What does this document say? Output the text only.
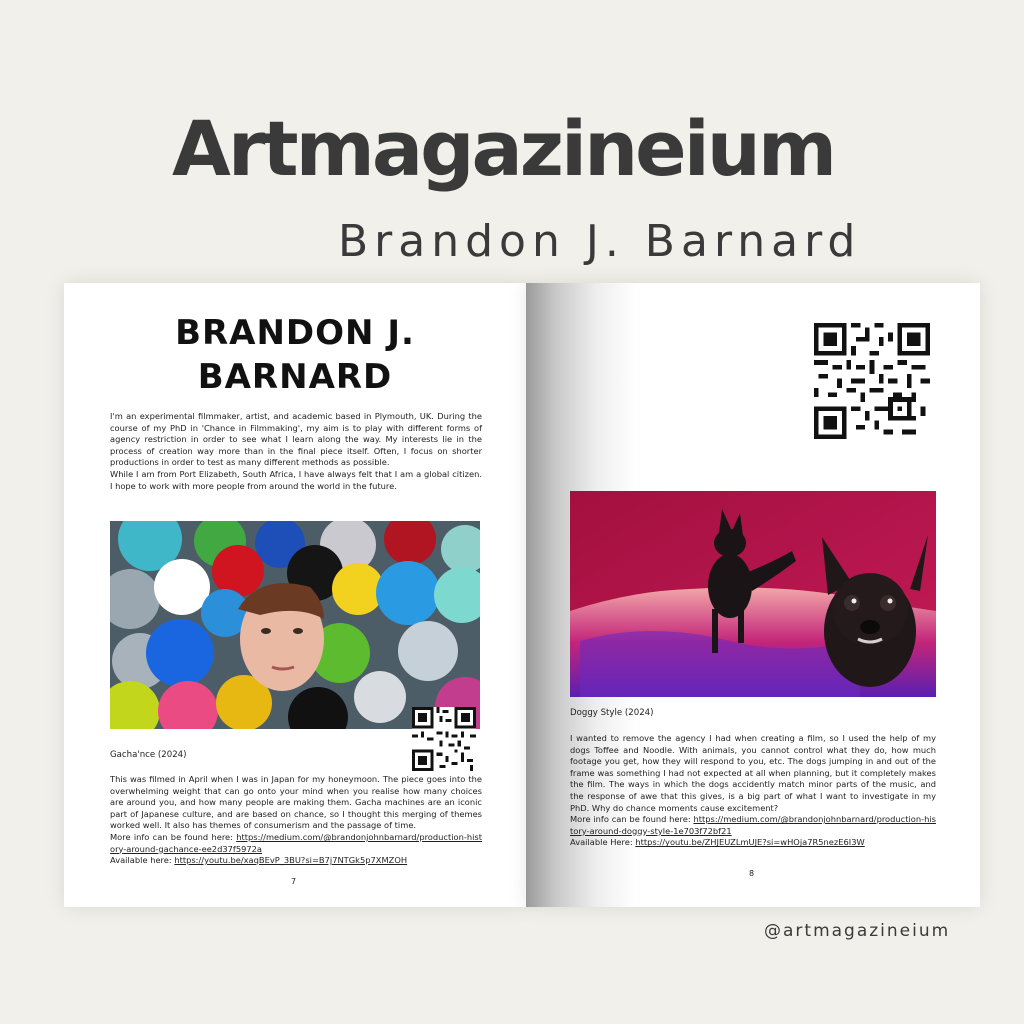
Artmagazineium
Brandon J. Barnard
BRANDON J.
BARNARD

I'm an experimental filmmaker, artist, and academic based in Plymouth, UK. During the course of my PhD in 'Chance in Filmmaking', my aim is to play with different forms of agency restriction in order to see what I learn along the way. My interests lie in the process of creation way more than in the final piece itself. Often, I focus on shorter productions in order to test as many different methods as possible.

While I am from Port Elizabeth, South Africa, I have always felt that I am a global citizen. I hope to work with more people from around the world in the future.

Gacha'nce (2024)

This was filmed in April when I was in Japan for my honeymoon. The piece goes into the overwhelming weight that can go onto your mind when you realise how many choices are around you, and how many people are making them. Gacha machines are an iconic part of Japanese culture, and are based on chance, so I thought this merging of themes worked well. It also has themes of consumerism and the passage of time.

More info can be found here: https://medium.com/@brandonjohnbarnard/production-history-around-gachance-ee2d37f5972a

Available here: https://youtu.be/xaqBEvP_3BU?si=B7j7NTGk5p7XMZOH

7
Doggy Style (2024)

I wanted to remove the agency I had when creating a film, so I used the help of my dogs Toffee and Noodle. With animals, you cannot control what they do, how much footage you get, how they will respond to you, etc. The dogs jumping in and out of the frame was something I had not expected at all when planning, but it completely makes the film. The ways in which the dogs accidently match minor parts of the music, and the response of awe that this gives, is a big part of what I want to investigate in my PhD. Why do chance moments cause excitement?

More info can be found here: https://medium.com/@brandonjohnbarnard/production-history-around-doggy-style-1e703f72bf21

Available Here: https://youtu.be/ZHJEUZLmUJE?si=wHOja7R5nezE6I3W

8
@artmagazineium
